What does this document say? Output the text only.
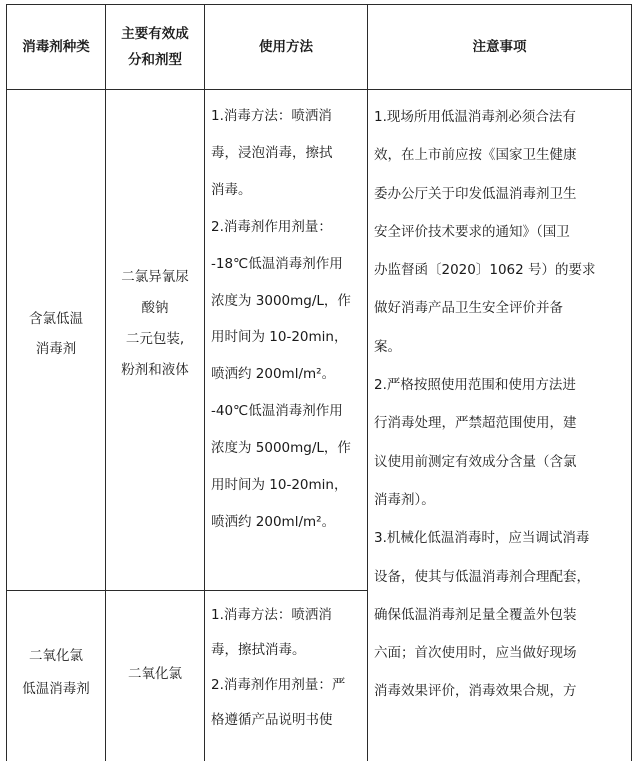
消毒剂种类
主要有效成
分和剂型
使用方法	注意事项
含氯低温
消毒剂
二氯异氰尿
酸钠
二元包装,
粉剂和液体
1.消毒方法：喷洒消
毒，浸泡消毒，擦拭
消毒。
2.消毒剂作用剂量：
-18℃低温消毒剂作用
浓度为 3000mg/L，作
用时间为 10-20min，
喷洒约 200ml/m²。
-40℃低温消毒剂作用
浓度为 5000mg/L，作
用时间为 10-20min，
喷洒约 200ml/m²。
1.现场所用低温消毒剂必须合法有
效，在上市前应按《国家卫生健康
委办公厅关于印发低温消毒剂卫生
安全评价技术要求的通知》（国卫
办监督函〔2020〕1062 号）的要求
做好消毒产品卫生安全评价并备
案。
2.严格按照使用范围和使用方法进
行消毒处理，严禁超范围使用，建
议使用前测定有效成分含量（含氯
消毒剂）。
3.机械化低温消毒时，应当调试消毒
设备，使其与低温消毒剂合理配套，
确保低温消毒剂足量全覆盖外包装
六面；首次使用时，应当做好现场
消毒效果评价，消毒效果合规，方
二氧化氯
低温消毒剂
二氧化氯
1.消毒方法：喷洒消
毒，擦拭消毒。
2.消毒剂作用剂量：严
格遵循产品说明书使
